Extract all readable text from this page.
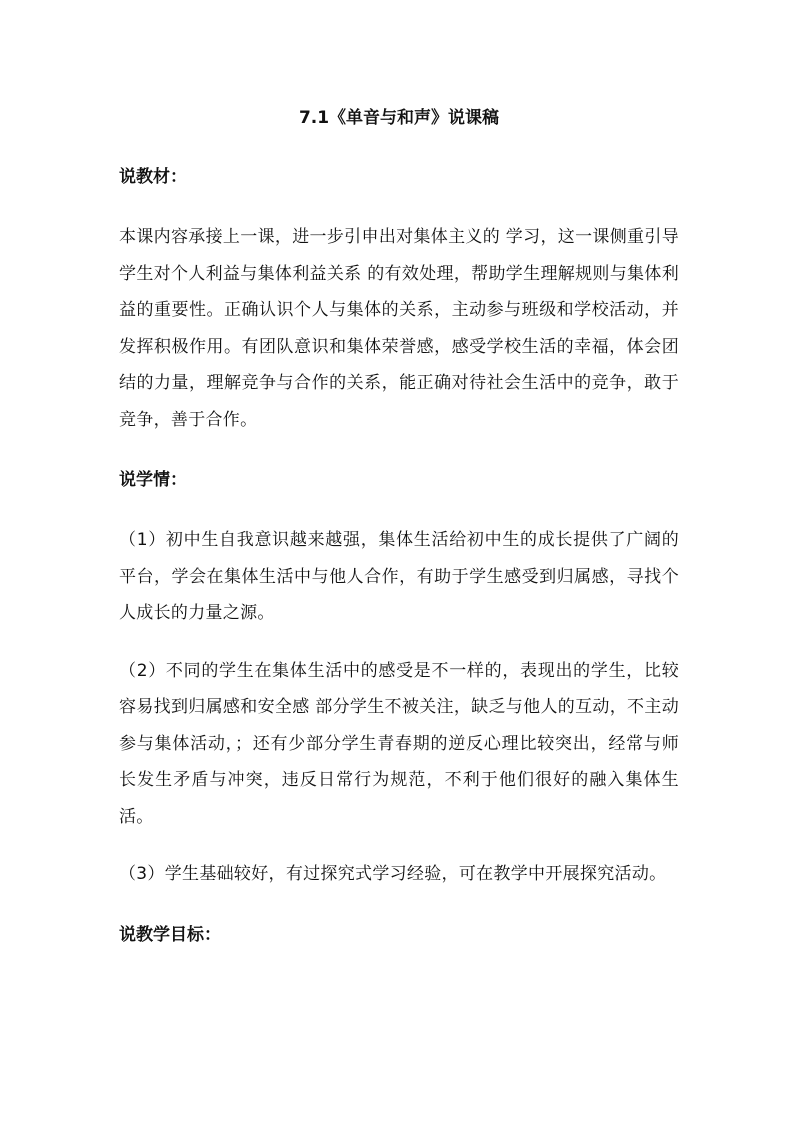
7.1《单音与和声》说课稿
说教材：

本课内容承接上一课，进一步引申出对集体主义的 学习，这一课侧重引导学生对个人利益与集体利益关系 的有效处理，帮助学生理解规则与集体利益的重要性。正确认识个人与集体的关系，主动参与班级和学校活动，并发挥积极作用。有团队意识和集体荣誉感，感受学校生活的幸福，体会团结的力量，理解竞争与合作的关系，能正确对待社会生活中的竞争，敢于竞争，善于合作。

说学情：

（1）初中生自我意识越来越强，集体生活给初中生的成长提供了广阔的平台，学会在集体生活中与他人合作，有助于学生感受到归属感，寻找个人成长的力量之源。

（2）不同的学生在集体生活中的感受是不一样的，表现出的学生，比较容易找到归属感和安全感 部分学生不被关注，缺乏与他人的互动，不主动参与集体活动，；还有少部分学生青春期的逆反心理比较突出，经常与师长发生矛盾与冲突，违反日常行为规范，不利于他们很好的融入集体生活。

（3）学生基础较好，有过探究式学习经验，可在教学中开展探究活动。

说教学目标：
